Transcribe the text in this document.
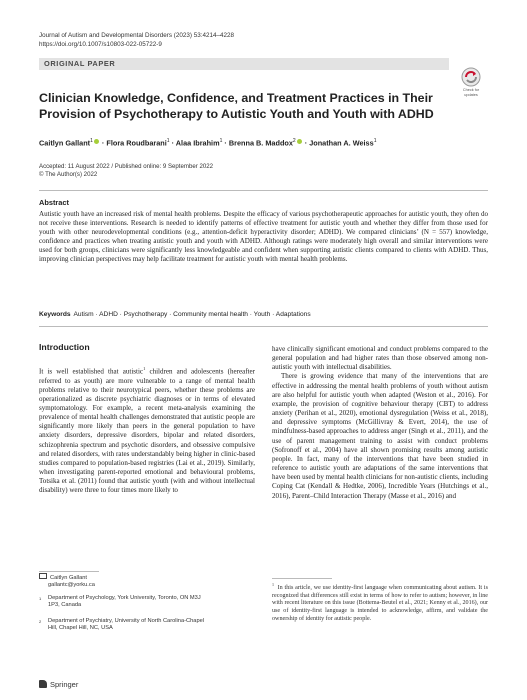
Journal of Autism and Developmental Disorders (2023) 53:4214–4228
https://doi.org/10.1007/s10803-022-05722-9
ORIGINAL PAPER
Check for
updates
Clinician Knowledge, Confidence, and Treatment Practices in Their Provision of Psychotherapy to Autistic Youth and Youth with ADHD
Caitlyn Gallant$^1$ · Flora Roudbarani$^1$ · Alaa Ibrahim$^1$ · Brenna B. Maddox$^2$ · Jonathan A. Weiss$^1$
Accepted: 11 August 2022 / Published online: 9 September 2022
© The Author(s) 2022
Abstract
Autistic youth have an increased risk of mental health problems. Despite the efficacy of various psychotherapeutic approaches for autistic youth, they often do not receive these interventions. Research is needed to identify patterns of effective treatment for autistic youth and whether they differ from those used for youth with other neurodevelopmental conditions (e.g., attention-deficit hyperactivity disorder; ADHD). We compared clinicians’ (N = 557) knowledge, confidence and practices when treating autistic youth and youth with ADHD. Although ratings were moderately high overall and similar interventions were used for both groups, clinicians were significantly less knowledgeable and confident when supporting autistic clients compared to clients with ADHD. Thus, improving clinician perspectives may help facilitate treatment for autistic youth with mental health problems.
Keywords Autism · ADHD · Psychotherapy · Community mental health · Youth · Adaptations
Introduction

It is well established that autistic$^1$ children and adolescents (hereafter referred to as youth) are more vulnerable to a range of mental health problems relative to their neurotypical peers, whether these problems are operationalized as discrete psychiatric diagnoses or in terms of elevated symptomatology. For example, a recent meta-analysis examining the prevalence of mental health challenges demonstrated that autistic people are significantly more likely than peers in the general population to have anxiety disorders, depressive disorders, bipolar and related disorders, schizophrenia spectrum and psychotic disorders, and obsessive compulsive and related disorders, with rates understandably being higher in clinic-based studies compared to population-based registries (Lai et al., 2019). Similarly, when investigating parent-reported emotional and behavioural problems, Totsika et al. (2011) found that autistic youth (with and without intellectual disability) were three to four times more likely to

have clinically significant emotional and conduct problems compared to the general population and had higher rates than those observed among non-autistic youth with intellectual disabilities.

There is growing evidence that many of the interventions that are effective in addressing the mental health problems of youth without autism are also helpful for autistic youth when adapted (Weston et al., 2016). For example, the provision of cognitive behaviour therapy (CBT) to address anxiety (Perihan et al., 2020), emotional dysregulation (Weiss et al., 2018), and depressive symptoms (McGillivray & Evert, 2014), the use of mindfulness-based approaches to address anger (Singh et al., 2011), and the use of parent management training to assist with conduct problems (Sofronoff et al., 2004) have all shown promising results among autistic people. In fact, many of the interventions that have been studied in reference to autistic youth are adaptations of the same interventions that have been used by mental health clinicians for non-autistic clients, including Coping Cat (Kendall & Hedtke, 2006), Incredible Years (Hutchings et al., 2016), Parent–Child Interaction Therapy (Masse et al., 2016) and

Caitlyn Gallant
gallantc@yorku.ca
1	Department of Psychology, York University, Toronto, ON M3J 1P3, Canada
2	Department of Psychiatry, University of North Carolina-Chapel Hill, Chapel Hill, NC, USA
$^1$  In this article, we use identity-first language when communicating about autism. It is recognized that differences still exist in terms of how to refer to autism; however, in line with recent literature on this issue (Bottema-Beutel et al., 2021; Kenny et al., 2016), our use of identity-first language is intended to acknowledge, affirm, and validate the ownership of identity for autistic people.
Springer
